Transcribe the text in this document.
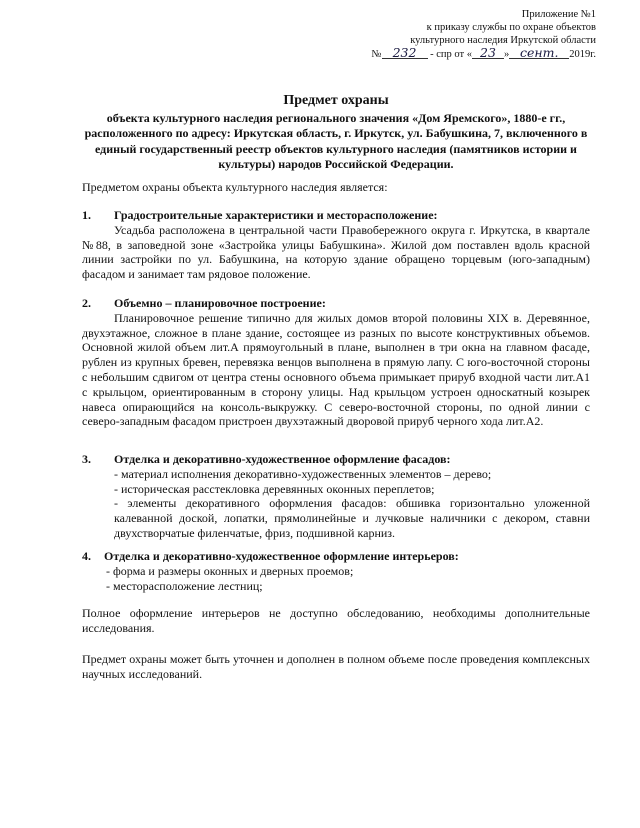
Приложение №1
к приказу службы по охране объектов
культурного наследия Иркутской области
№ 232 - спр от « 23 » сент. 2019г.
Предмет охраны
объекта культурного наследия регионального значения «Дом Яремского», 1880-е гг., расположенного по адресу: Иркутская область, г. Иркутск, ул. Бабушкина, 7, включенного в единый государственный реестр объектов культурного наследия (памятников истории и культуры) народов Российской Федерации.
Предметом охраны объекта культурного наследия является:
1.	Градостроительные характеристики и месторасположение:

Усадьба расположена в центральной части Правобережного округа г. Иркутска, в квартале №88, в заповедной зоне «Застройка улицы Бабушкина». Жилой дом поставлен вдоль красной линии застройки по ул. Бабушкина, на которую здание обращено торцевым (юго-западным) фасадом и занимает там рядовое положение.

2.	Объемно – планировочное построение:

Планировочное решение типично для жилых домов второй половины XIX в. Деревянное, двухэтажное, сложное в плане здание, состоящее из разных по высоте конструктивных объемов. Основной жилой объем лит.А прямоугольный в плане, выполнен в три окна на главном фасаде, рублен из крупных бревен, перевязка венцов выполнена в прямую лапу. С юго-восточной стороны с небольшим сдвигом от центра стены основного объема примыкает прируб входной части лит.А1 с крыльцом, ориентированным в сторону улицы. Над крыльцом устроен односкатный козырек навеса опирающийся на консоль-выкружку. С северо-восточной стороны, по одной линии с северо-западным фасадом пристроен двухэтажный дворовой прируб черного хода лит.А2.

3.	Отделка и декоративно-художественное оформление фасадов:
- материал исполнения декоративно-художественных элементов – дерево;
- историческая расстекловка деревянных оконных переплетов;
- элементы декоративного оформления фасадов: обшивка горизонтально уложенной калеванной доской, лопатки, прямолинейные и лучковые наличники с декором, ставни двухстворчатые филенчатые, фриз, подшивной карниз.
4.	Отделка и декоративно-художественное оформление интерьеров:
- форма и размеры оконных и дверных проемов;
- месторасположение лестниц;

Полное оформление интерьеров не доступно обследованию, необходимы дополнительные исследования.

Предмет охраны может быть уточнен и дополнен в полном объеме после проведения комплексных научных исследований.
